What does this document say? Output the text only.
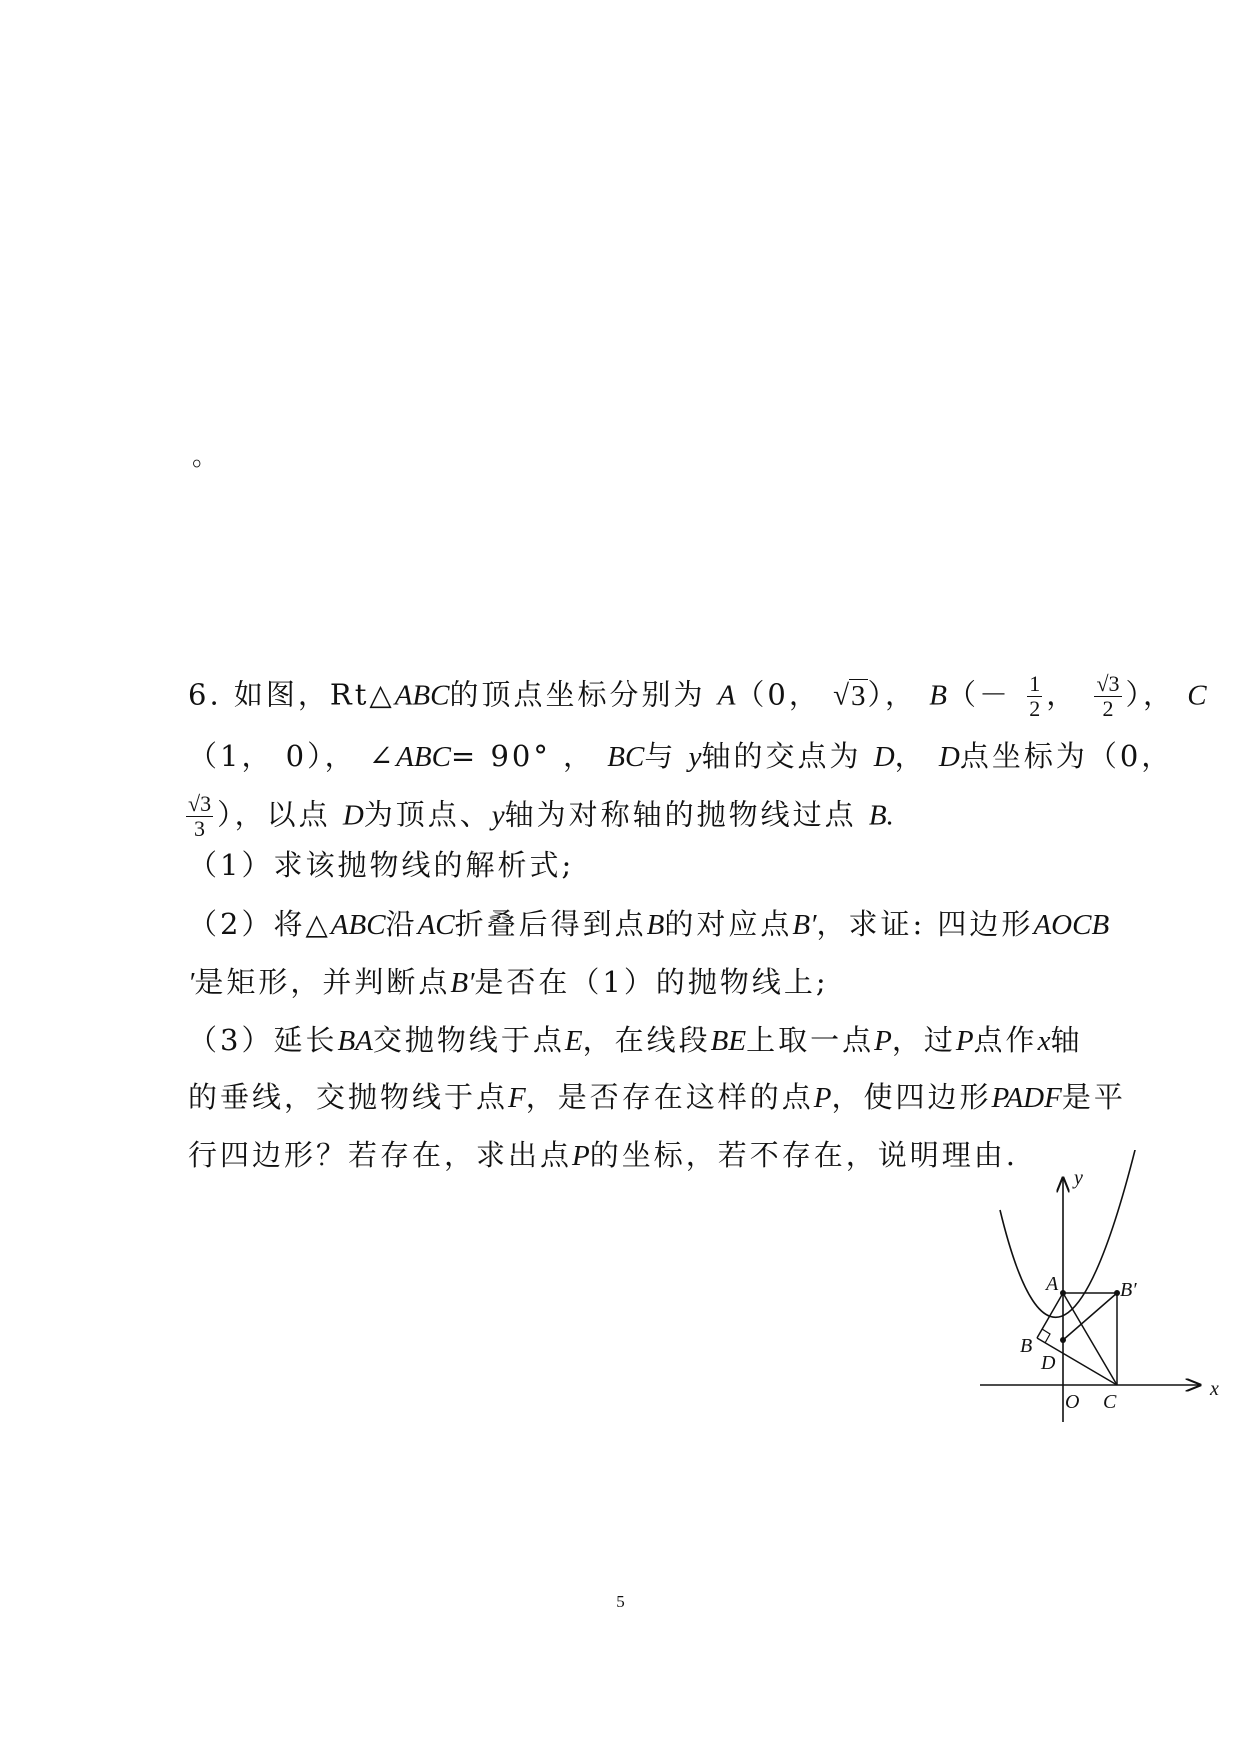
。
6. 如图，Rt△ABC的顶点坐标分别为 A（0， √3）， $B(- \frac{1}{2}$ ， $\frac{√3}{2}$ ）， C
（1， 0）， ∠ABC= 90° ， BC与 y轴的交点为 D， D点坐标为（0，
$\frac{√3}{3}$ ），以点 D为顶点、y轴为对称轴的抛物线过点 B.
（1）求该抛物线的解析式;
（2）将△ABC沿AC折叠后得到点B的对应点B′，求证: 四边形AOCB
′是矩形，并判断点B′是否在（1）的抛物线上;
（3）延长BA交抛物线于点E，在线段BE上取一点P，过P点作x轴
的垂线，交抛物线于点F，是否存在这样的点P，使四边形PADF是平
行四边形？若存在，求出点P的坐标，若不存在，说明理由.
y
x
A	B′
B
D
O C
5
